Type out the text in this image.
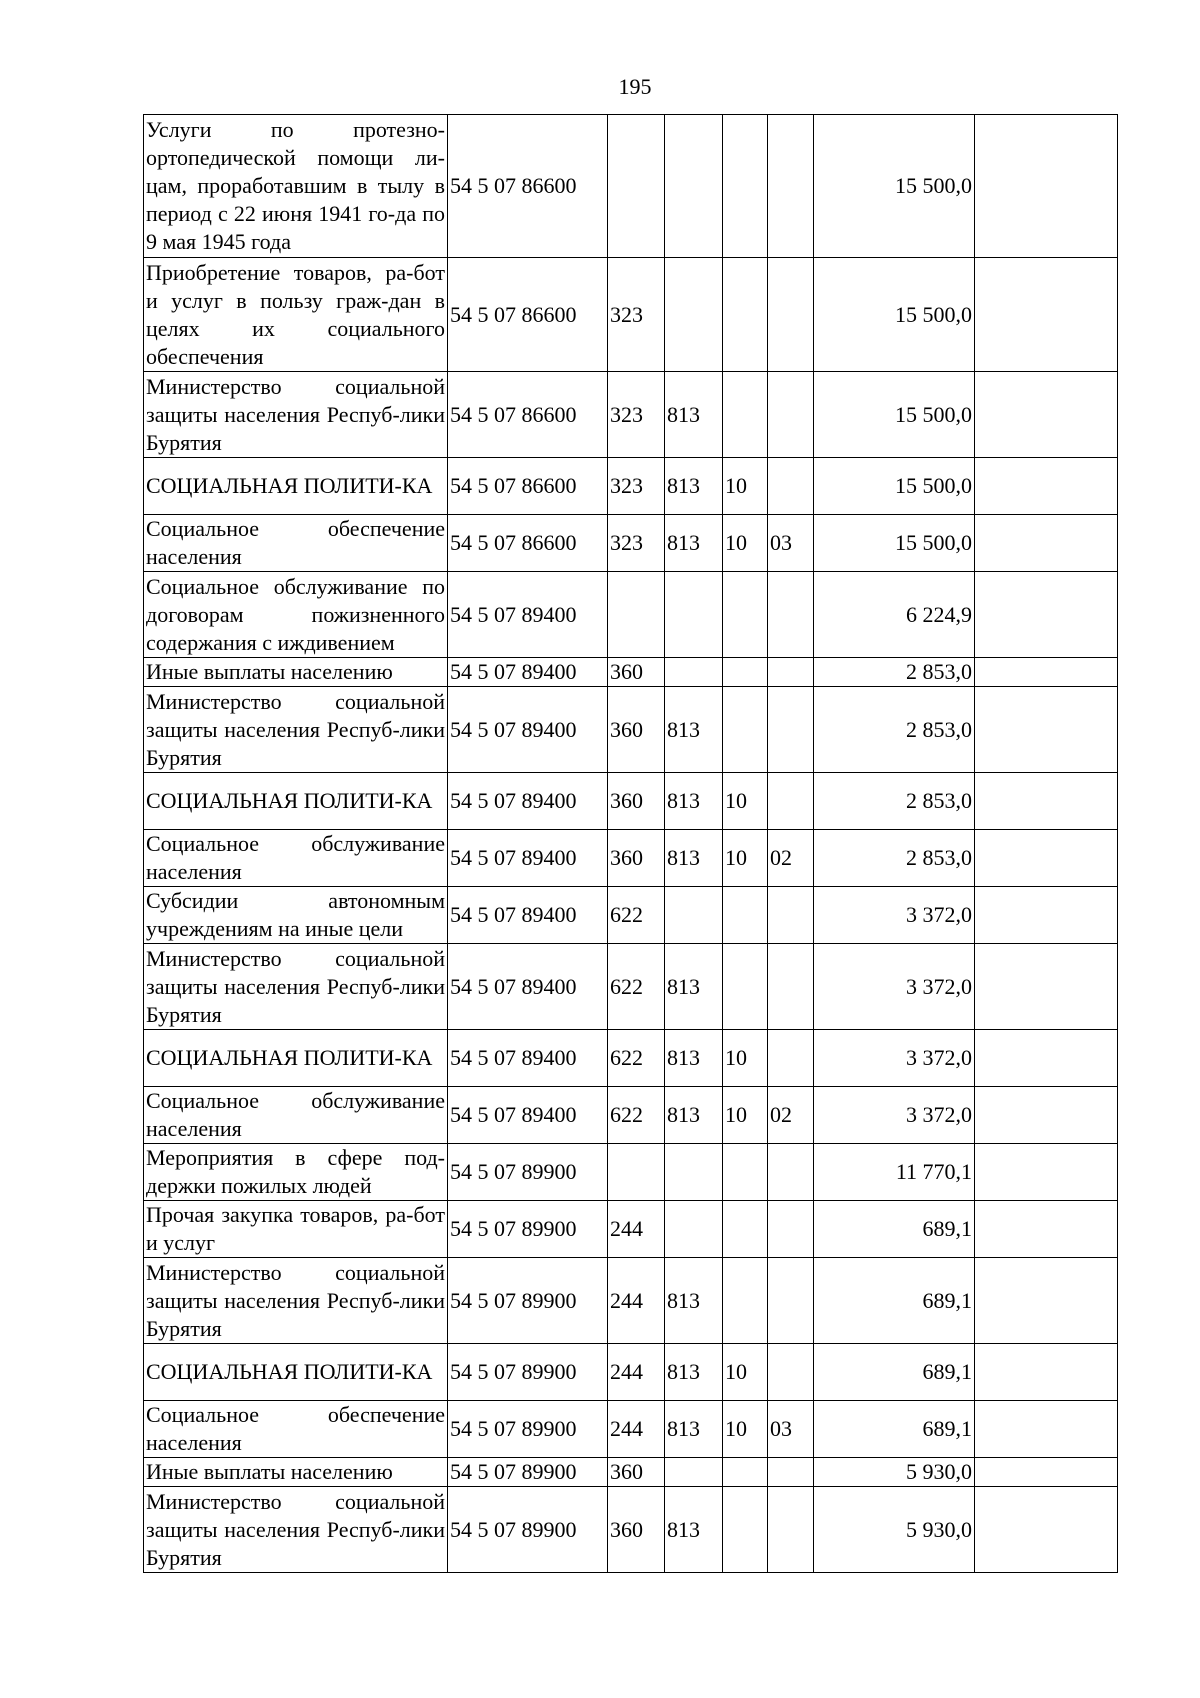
195
Услуги по протезно-ортопедической помощи ли-цам, проработавшим в тылу в период с 22 июня 1941 го-да по 9 мая 1945 года	54 5 07 86600					15 500,0	
Приобретение товаров, ра-бот и услуг в пользу граж-дан в целях их социального обеспечения	54 5 07 86600	323				15 500,0	
Министерство социальной защиты населения Респуб-лики Бурятия	54 5 07 86600	323	813			15 500,0	
СОЦИАЛЬНАЯ ПОЛИТИ-КА	54 5 07 86600	323	813	10		15 500,0	
Социальное обеспечение населения	54 5 07 86600	323	813	10	03	15 500,0	
Социальное обслуживание по договорам пожизненного содержания с иждивением	54 5 07 89400					6 224,9	
Иные выплаты населению	54 5 07 89400	360				2 853,0	
Министерство социальной защиты населения Респуб-лики Бурятия	54 5 07 89400	360	813			2 853,0	
СОЦИАЛЬНАЯ ПОЛИТИ-КА	54 5 07 89400	360	813	10		2 853,0	
Социальное обслуживание населения	54 5 07 89400	360	813	10	02	2 853,0	
Субсидии автономным учреждениям на иные цели	54 5 07 89400	622				3 372,0	
Министерство социальной защиты населения Респуб-лики Бурятия	54 5 07 89400	622	813			3 372,0	
СОЦИАЛЬНАЯ ПОЛИТИ-КА	54 5 07 89400	622	813	10		3 372,0	
Социальное обслуживание населения	54 5 07 89400	622	813	10	02	3 372,0	
Мероприятия в сфере под-держки пожилых людей	54 5 07 89900					11 770,1	
Прочая закупка товаров, ра-бот и услуг	54 5 07 89900	244				689,1	
Министерство социальной защиты населения Респуб-лики Бурятия	54 5 07 89900	244	813			689,1	
СОЦИАЛЬНАЯ ПОЛИТИ-КА	54 5 07 89900	244	813	10		689,1	
Социальное обеспечение населения	54 5 07 89900	244	813	10	03	689,1	
Иные выплаты населению	54 5 07 89900	360				5 930,0	
Министерство социальной защиты населения Респуб-лики Бурятия	54 5 07 89900	360	813			5 930,0	
